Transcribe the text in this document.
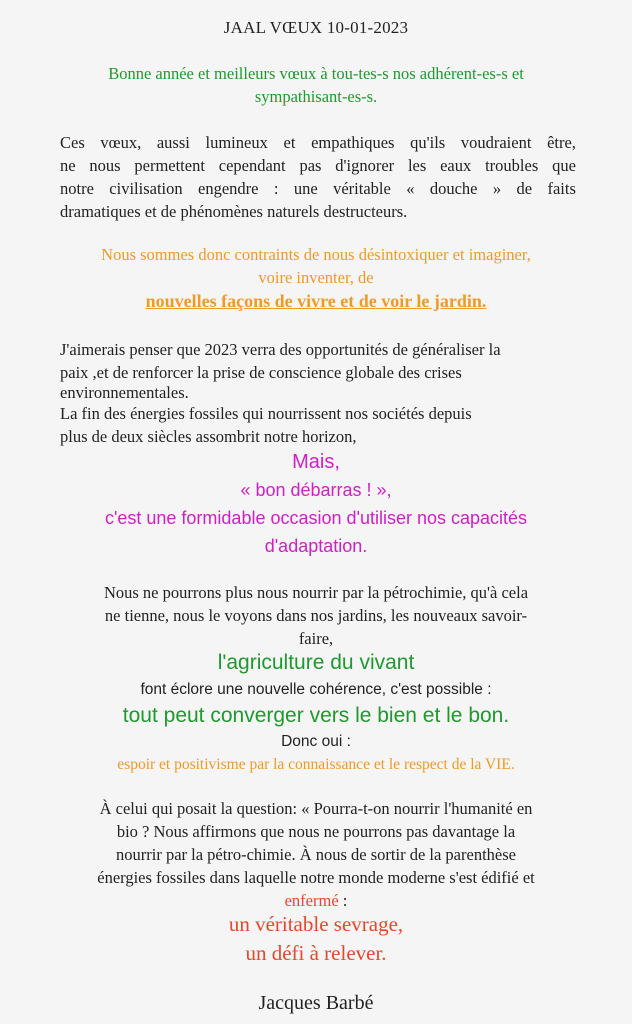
JAAL VŒUX 10-01-2023
Bonne année et meilleurs vœux à tou-tes-s nos adhérent-es-s et
sympathisant-es-s.
Ces vœux, aussi lumineux et empathiques qu'ils voudraient être,
ne nous permettent cependant pas d'ignorer les eaux troubles que
notre civilisation engendre : une véritable « douche » de faits
dramatiques et de phénomènes naturels destructeurs.
Nous sommes donc contraints de nous désintoxiquer et imaginer,
voire inventer, de
nouvelles façons de vivre et de voir le jardin.
J'aimerais penser que 2023 verra des opportunités de généraliser la
paix ,et de renforcer la prise de conscience globale des crises
environnementales.
La fin des énergies fossiles qui nourrissent nos sociétés depuis
plus de deux siècles assombrit notre horizon,
Mais,
« bon débarras ! »,
c'est une formidable occasion d'utiliser nos capacités
d'adaptation.
Nous ne pourrons plus nous nourrir par la pétrochimie, qu'à cela
ne tienne, nous le voyons dans nos jardins, les nouveaux savoir-
faire,
l'agriculture du vivant
font éclore une nouvelle cohérence, c'est possible :
tout peut converger vers le bien et le bon.
Donc oui :
espoir et positivisme par la connaissance et le respect de la VIE.
À celui qui posait la question: « Pourra-t-on nourrir l'humanité en
bio ? Nous affirmons que nous ne pourrons pas davantage la
nourrir par la pétro-chimie. À nous de sortir de la parenthèse
énergies fossiles dans laquelle notre monde moderne s'est édifié et
enfermé :
un véritable sevrage,
un défi à relever.
Jacques Barbé
